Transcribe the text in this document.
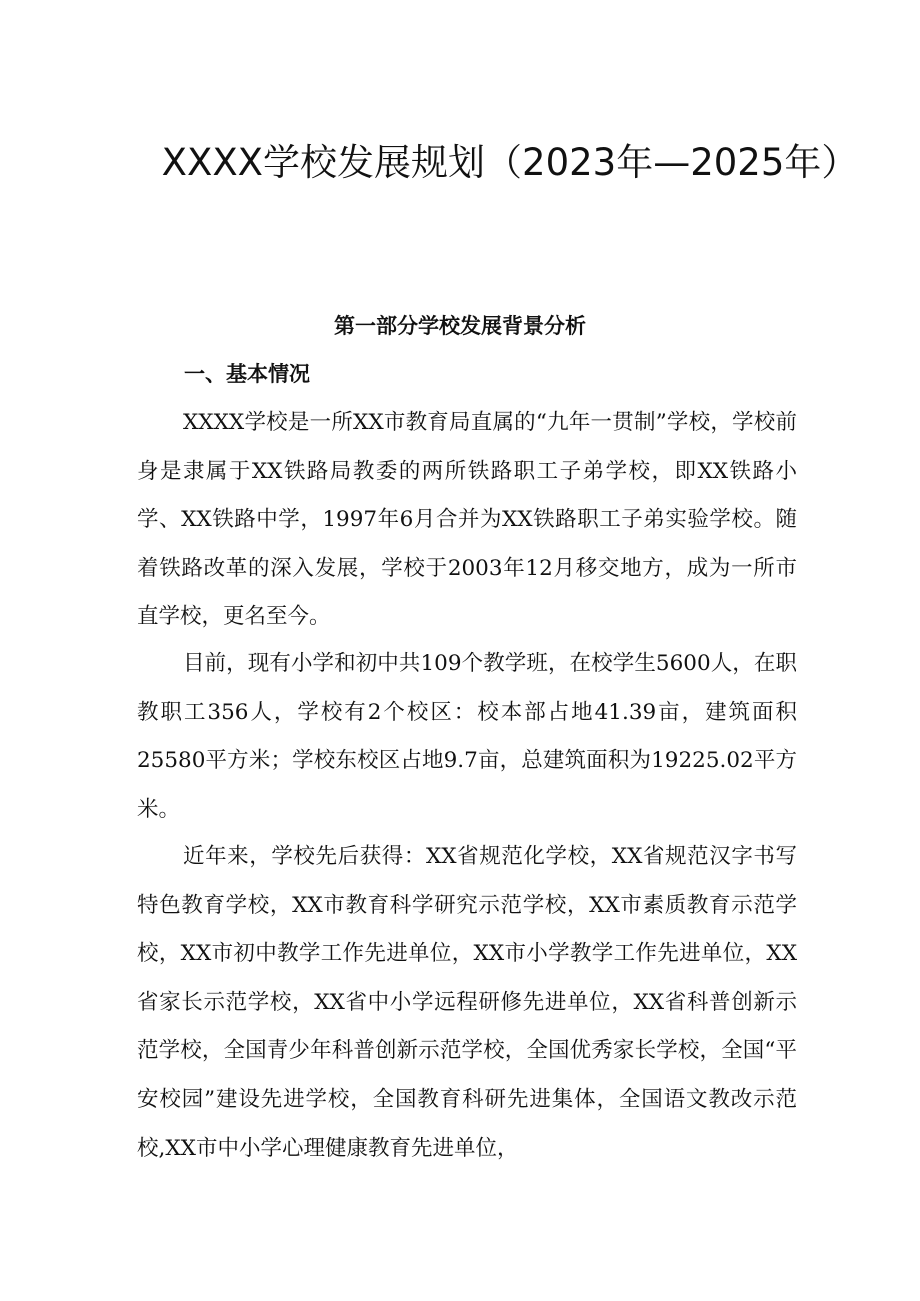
XXXX学校发展规划（2023年—2025年）
第一部分学校发展背景分析
一、基本情况

XXXX学校是一所XX市教育局直属的“九年一贯制”学校，学校前身是隶属于XX铁路局教委的两所铁路职工子弟学校，即XX铁路小学、XX铁路中学，1997年6月合并为XX铁路职工子弟实验学校。随着铁路改革的深入发展，学校于2003年12月移交地方，成为一所市直学校，更名至今。

目前，现有小学和初中共109个教学班，在校学生5600人，在职教职工356人，学校有2个校区：校本部占地41.39亩，建筑面积25580平方米；学校东校区占地9.7亩，总建筑面积为19225.02平方米。

近年来，学校先后获得：XX省规范化学校，XX省规范汉字书写特色教育学校，XX市教育科学研究示范学校，XX市素质教育示范学校，XX市初中教学工作先进单位，XX市小学教学工作先进单位，XX省家长示范学校，XX省中小学远程研修先进单位，XX省科普创新示范学校，全国青少年科普创新示范学校，全国优秀家长学校，全国“平安校园”建设先进学校，全国教育科研先进集体，全国语文教改示范校,XX市中小学心理健康教育先进单位，
